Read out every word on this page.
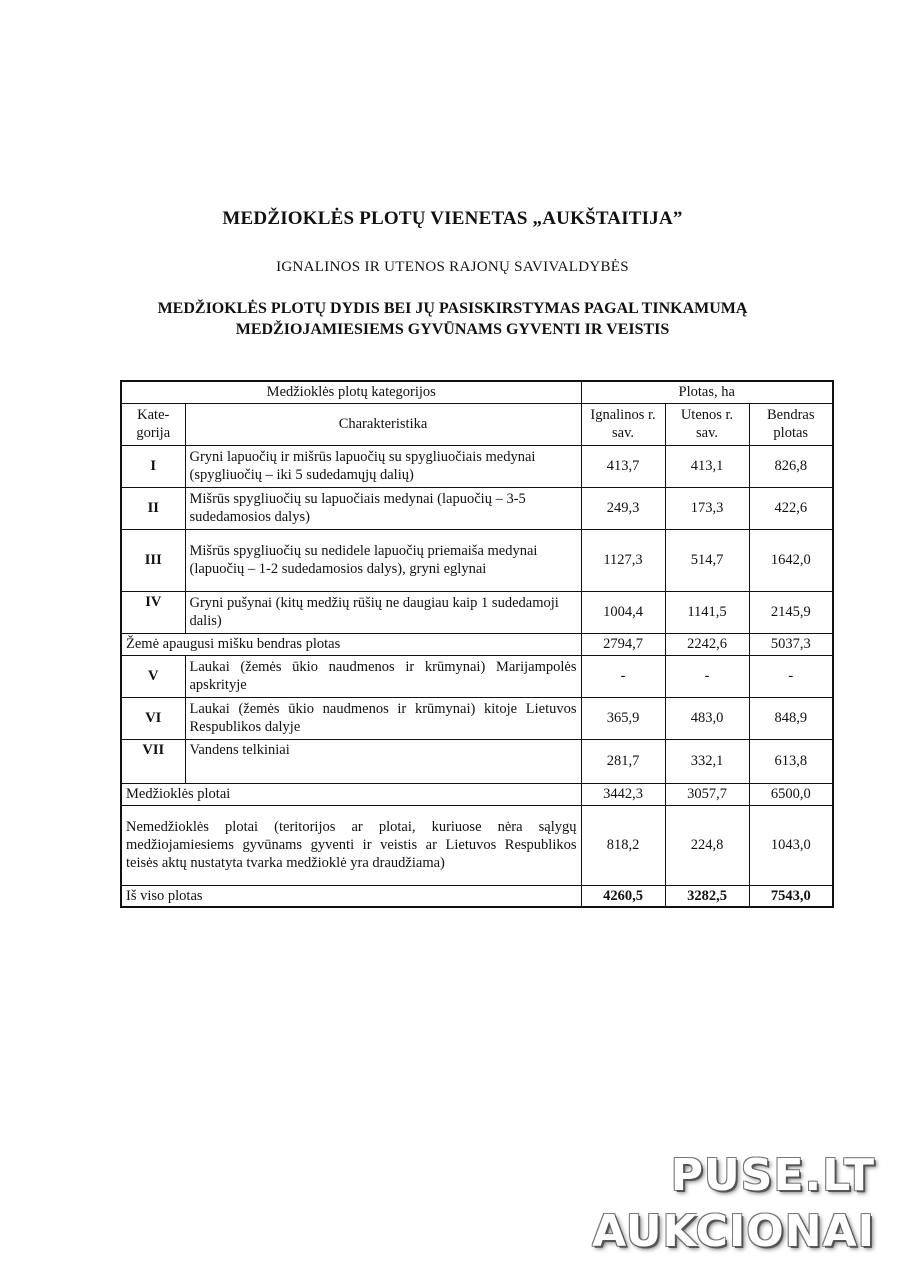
MEDŽIOKLĖS PLOTŲ VIENETAS „AUKŠTAITIJA”
IGNALINOS IR UTENOS RAJONŲ SAVIVALDYBĖS
MEDŽIOKLĖS PLOTŲ DYDIS BEI JŲ PASISKIRSTYMAS PAGAL TINKAMUMĄ
MEDŽIOJAMIESIEMS GYVŪNAMS GYVENTI IR VEISTIS
Medžioklės plotų kategorijos		Plotas, ha		
Kate-gorija	Charakteristika	Ignalinos r. sav.	Utenos r. sav.	Bendras plotas
I	Gryni lapuočių ir mišrūs lapuočių su spygliuočiais medynai (spygliuočių – iki 5 sudedamųjų dalių)	413,7	413,1	826,8
II	Mišrūs spygliuočių su lapuočiais medynai (lapuočių – 3-5 sudedamosios dalys)	249,3	173,3	422,6
III	Mišrūs spygliuočių su nedidele lapuočių priemaiša medynai (lapuočių – 1-2 sudedamosios dalys), gryni eglynai	1127,3	514,7	1642,0
IV	Gryni pušynai (kitų medžių rūšių ne daugiau kaip 1 sudedamoji dalis)	1004,4	1141,5	2145,9
Žemė apaugusi mišku bendras plotas		2794,7	2242,6	5037,3
V	Laukai (žemės ūkio naudmenos ir krūmynai) Marijampolės apskrityje	-	-	-
VI	Laukai (žemės ūkio naudmenos ir krūmynai) kitoje Lietuvos Respublikos dalyje	365,9	483,0	848,9
VII	Vandens telkiniai	281,7	332,1	613,8
Medžioklės plotai		3442,3	3057,7	6500,0
Nemedžioklės plotai (teritorijos ar plotai, kuriuose nėra sąlygų medžiojamiesiems gyvūnams gyventi ir veistis ar Lietuvos Respublikos teisės aktų nustatyta tvarka medžioklė yra draudžiama)		818,2	224,8	1043,0
Iš viso plotas		4260,5	3282,5	7543,0
PUSE.LT
AUKCIONAI
